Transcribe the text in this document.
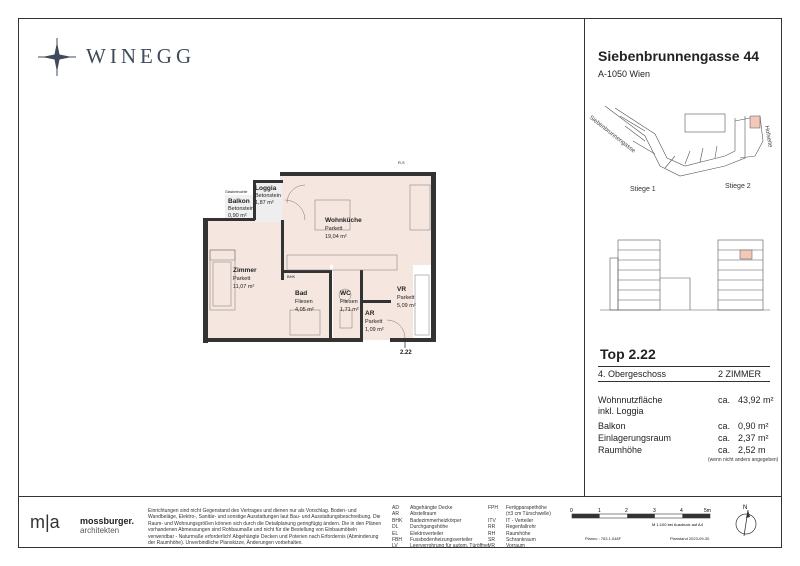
WINEGG	Siebenbrunnengasse 44
A-1050 Wien
Siebenbrunnengasse	Hofseite
Stiege 1	Stiege 2
Top 2.22
4. Obergeschoss	2 ZIMMER
Wohnnutzfläche
inkl. Loggia
ca. 43,92 m²
Balkon	ca. 0,90 m²
Einlagerungsraum	ca. 2,37 m²
Raumhöhe	ca. 2,52 m
(wenn nicht anders angegeben)
Loggia
Betonstein
1,87 m²
Balkon
Betonstein
0,90 m²
Wohnküche
Parkett
19,04 m²
Zimmer
Parkett
11,07 m²
Bad
Fliesen
4,05 m²
WC
Fliesen
1,71 m²
VR
Parkett
5,09 m²
AR
Parkett
1,09 m²
R,S
BHK
Glasbeleuchte
2.22
m|a mossburger.
architekten
Einrichtungen sind nicht Gegenstand des Vertrages und dienen nur als Vorschlag. Boden- und Wandbeläge, Elektro-, Sanitär- und sonstige Ausstattungen laut Bau- und Ausstattungsbeschreibung. Die Raum- und Wohnungsgrößen können sich durch die Detailplanung geringfügig ändern. Die in den Plänen vorhandenen Abmessungen sind Rohbaumaße und nicht für die Bestellung von Einbaumöbeln verwendbar - Naturmaße erforderlich! Abgehängte Decken und Poterien nach Erfordernis (Abminderung der Raumhöhe). Unverbindliche Planskizze, Änderungen vorbehalten.
AD Abgehängte Decke
AR Abstellraum
BHK Badezimmerheizkörper
DL Durchgangshöhe
EL Elektroverteiler
FBH Fussbodenheizungsverteiler
LV Leerverrohrung für autom. Türöffner
FPH Fertigparapethöhe
(±3 cm Türschwelle)
ITV IT - Verteiler
RR Regenfallrohr
RH Raumhöhe
SR Schrankraum
VR Vorraum
0	1	2	3	4	5m
M 1:100 bei Ausdruck auf A4
Planno : 763.1.048F	Planstand 2023-09-30
N
